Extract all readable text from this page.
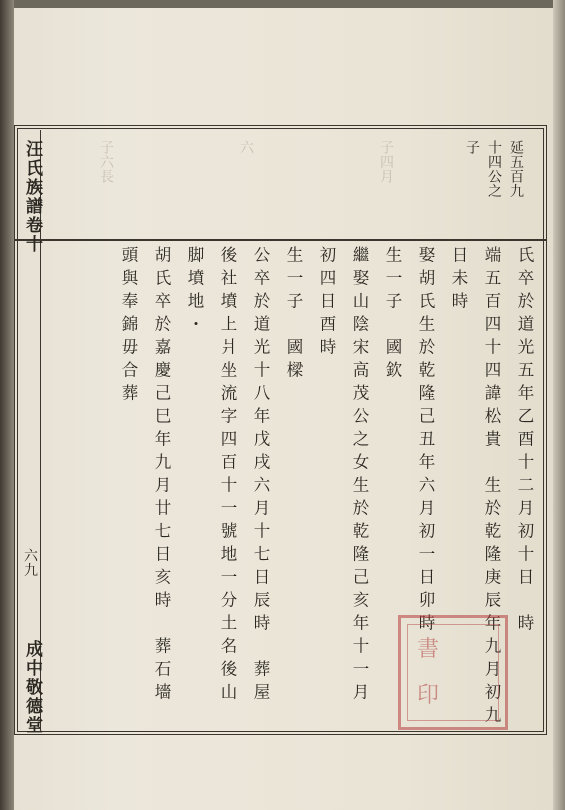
子六長	六	子四月
汪氏族譜卷十
六九
成中敬德堂
延五百九
十四公之
子
氏卒於道光五年乙酉十二月初十日　時
端五百四十四諱松貴　生於乾隆庚辰年九月初九
日未時
娶胡氏生於乾隆己丑年六月初一日卯時
生一子　國欽
繼娶山陰宋高茂公之女生於乾隆己亥年十一月
初四日酉時
生一子　國樑
公卒於道光十八年戊戌六月十七日辰時　葬屋
後社墳上爿坐流字四百十一號地一分土名後山
脚墳地・
胡氏卒於嘉慶己巳年九月廿七日亥時　葬石墻
頭與奉錦毋合葬
書
印
